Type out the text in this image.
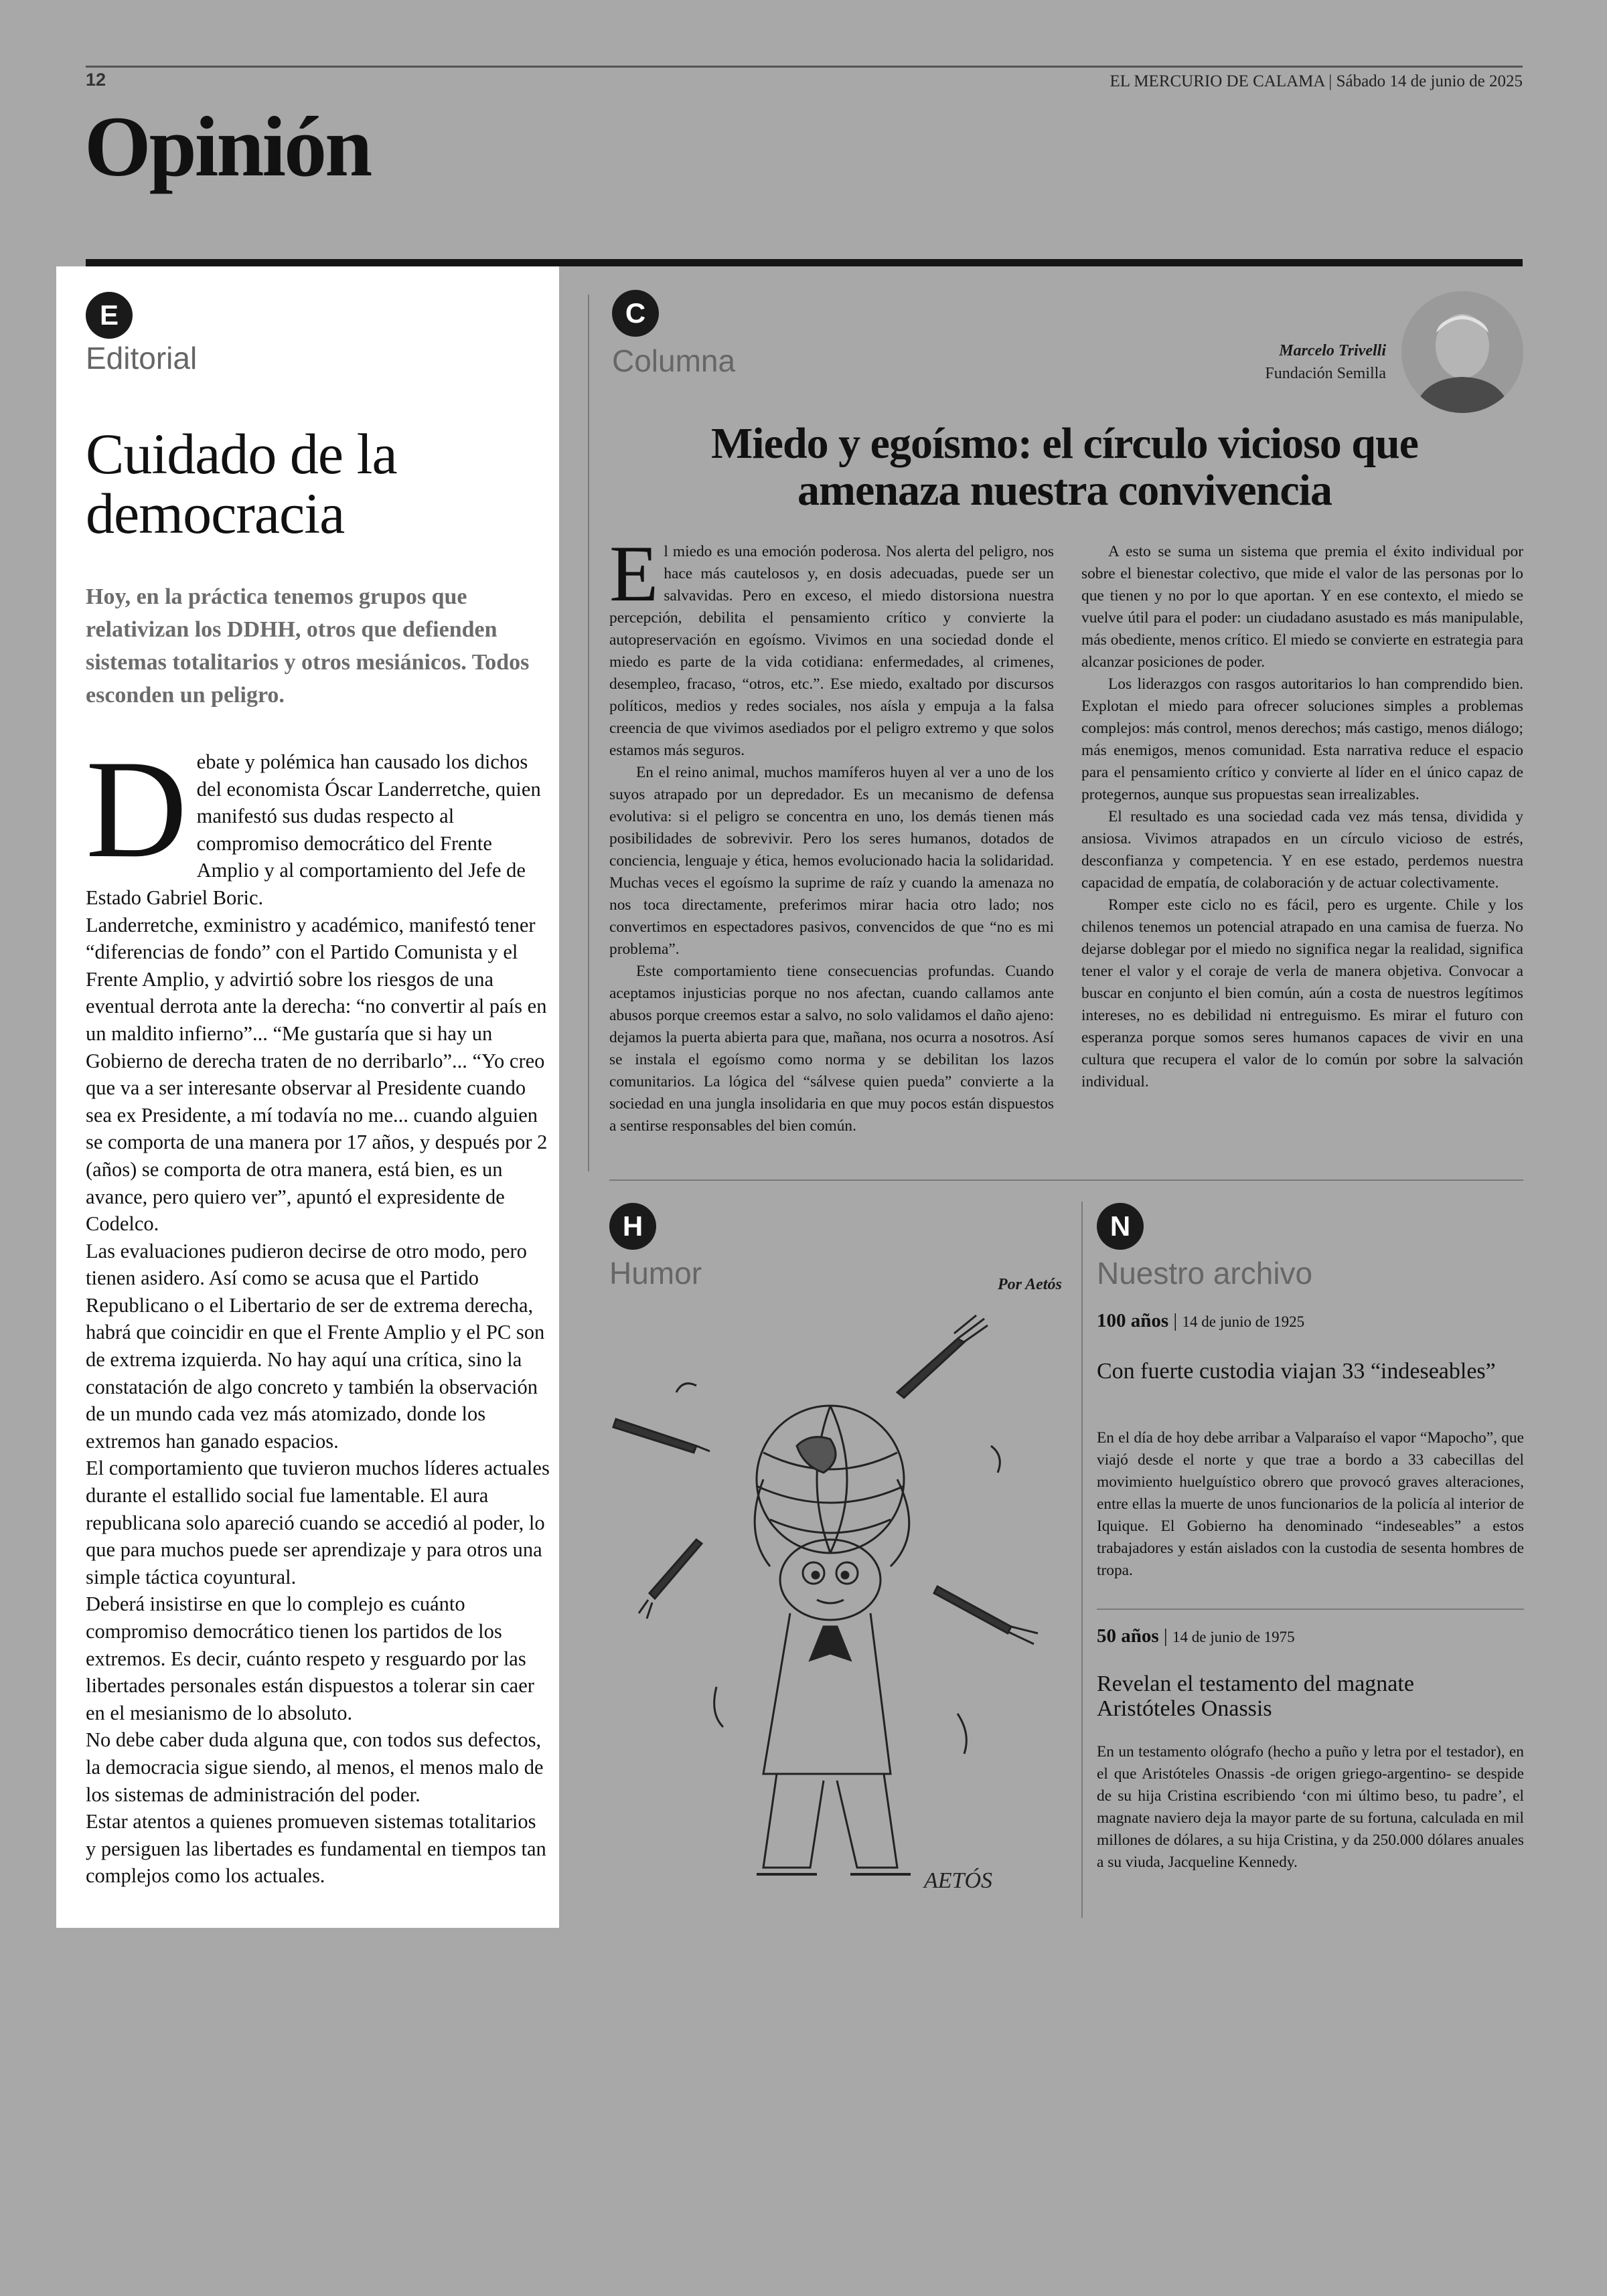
12	EL MERCURIO DE CALAMA | Sábado 14 de junio de 2025
Opinión
E
Editorial
Cuidado de la democracia
Hoy, en la práctica tenemos grupos que relativizan los DDHH, otros que defienden sistemas totalitarios y otros mesiánicos. Todos esconden un peligro.

Debate y polémica han causado los dichos del economista Óscar Landerretche, quien manifestó sus dudas respecto al compromiso democrático del Frente Amplio y al comportamiento del Jefe de Estado Gabriel Boric.

Landerretche, exministro y académico, manifestó tener “diferencias de fondo” con el Partido Comunista y el Frente Amplio, y advirtió sobre los riesgos de una eventual derrota ante la derecha: “no convertir al país en un maldito infierno”... “Me gustaría que si hay un Gobierno de derecha traten de no derribarlo”... “Yo creo que va a ser interesante observar al Presidente cuando sea ex Presidente, a mí todavía no me... cuando alguien se comporta de una manera por 17 años, y después por 2 (años) se comporta de otra manera, está bien, es un avance, pero quiero ver”, apuntó el expresidente de Codelco.

Las evaluaciones pudieron decirse de otro modo, pero tienen asidero. Así como se acusa que el Partido Republicano o el Libertario de ser de extrema derecha, habrá que coincidir en que el Frente Amplio y el PC son de extrema izquierda. No hay aquí una crítica, sino la constatación de algo concreto y también la observación de un mundo cada vez más atomizado, donde los extremos han ganado espacios.

El comportamiento que tuvieron muchos líderes actuales durante el estallido social fue lamentable. El aura republicana solo apareció cuando se accedió al poder, lo que para muchos puede ser aprendizaje y para otros una simple táctica coyuntural.

Deberá insistirse en que lo complejo es cuánto compromiso democrático tienen los partidos de los extremos. Es decir, cuánto respeto y resguardo por las libertades personales están dispuestos a tolerar sin caer en el mesianismo de lo absoluto.

No debe caber duda alguna que, con todos sus defectos, la democracia sigue siendo, al menos, el menos malo de los sistemas de administración del poder.

Estar atentos a quienes promueven sistemas totalitarios y persiguen las libertades es fundamental en tiempos tan complejos como los actuales.

C
Columna	Marcelo Trivelli
Fundación Semilla
Miedo y egoísmo: el círculo vicioso que amenaza nuestra convivencia

El miedo es una emoción poderosa. Nos alerta del peligro, nos hace más cautelosos y, en dosis adecuadas, puede ser un salvavidas. Pero en exceso, el miedo distorsiona nuestra percepción, debilita el pensamiento crítico y convierte la autopreservación en egoísmo. Vivimos en una sociedad donde el miedo es parte de la vida cotidiana: enfermedades, al crimenes, desempleo, fracaso, “otros, etc.”. Ese miedo, exaltado por discursos políticos, medios y redes sociales, nos aísla y empuja a la falsa creencia de que vivimos asediados por el peligro extremo y que solos estamos más seguros.

En el reino animal, muchos mamíferos huyen al ver a uno de los suyos atrapado por un depredador. Es un mecanismo de defensa evolutiva: si el peligro se concentra en uno, los demás tienen más posibilidades de sobrevivir. Pero los seres humanos, dotados de conciencia, lenguaje y ética, hemos evolucionado hacia la solidaridad. Muchas veces el egoísmo la suprime de raíz y cuando la amenaza no nos toca directamente, preferimos mirar hacia otro lado; nos convertimos en espectadores pasivos, convencidos de que “no es mi problema”.

Este comportamiento tiene consecuencias profundas. Cuando aceptamos injusticias porque no nos afectan, cuando callamos ante abusos porque creemos estar a salvo, no solo validamos el daño ajeno: dejamos la puerta abierta para que, mañana, nos ocurra a nosotros. Así se instala el egoísmo como norma y se debilitan los lazos comunitarios. La lógica del “sálvese quien pueda” convierte a la sociedad en una jungla insolidaria en que muy pocos están dispuestos a sentirse responsables del bien común.

A esto se suma un sistema que premia el éxito individual por sobre el bienestar colectivo, que mide el valor de las personas por lo que tienen y no por lo que aportan. Y en ese contexto, el miedo se vuelve útil para el poder: un ciudadano asustado es más manipulable, más obediente, menos crítico. El miedo se convierte en estrategia para alcanzar posiciones de poder.

Los liderazgos con rasgos autoritarios lo han comprendido bien. Explotan el miedo para ofrecer soluciones simples a problemas complejos: más control, menos derechos; más castigo, menos diálogo; más enemigos, menos comunidad. Esta narrativa reduce el espacio para el pensamiento crítico y convierte al líder en el único capaz de protegernos, aunque sus propuestas sean irrealizables.

El resultado es una sociedad cada vez más tensa, dividida y ansiosa. Vivimos atrapados en un círculo vicioso de estrés, desconfianza y competencia. Y en ese estado, perdemos nuestra capacidad de empatía, de colaboración y de actuar colectivamente.

Romper este ciclo no es fácil, pero es urgente. Chile y los chilenos tenemos un potencial atrapado en una camisa de fuerza. No dejarse doblegar por el miedo no significa negar la realidad, significa tener el valor y el coraje de verla de manera objetiva. Convocar a buscar en conjunto el bien común, aún a costa de nuestros legítimos intereses, no es debilidad ni entreguismo. Es mirar el futuro con esperanza porque somos seres humanos capaces de vivir en una cultura que recupera el valor de lo común por sobre la salvación individual.

H
Humor	Por Aetós
AETÓS
N
Nuestro archivo
100 años | 14 de junio de 1925
Con fuerte custodia viajan 33 “indeseables”
En el día de hoy debe arribar a Valparaíso el vapor “Mapocho”, que viajó desde el norte y que trae a bordo a 33 cabecillas del movimiento huelguístico obrero que provocó graves alteraciones, entre ellas la muerte de unos funcionarios de la policía al interior de Iquique. El Gobierno ha denominado “indeseables” a estos trabajadores y están aislados con la custodia de sesenta hombres de tropa.
50 años | 14 de junio de 1975
Revelan el testamento del magnate Aristóteles Onassis
En un testamento ológrafo (hecho a puño y letra por el testador), en el que Aristóteles Onassis -de origen griego-argentino- se despide de su hija Cristina escribiendo ‘con mi último beso, tu padre’, el magnate naviero deja la mayor parte de su fortuna, calculada en mil millones de dólares, a su hija Cristina, y da 250.000 dólares anuales a su viuda, Jacqueline Kennedy.
